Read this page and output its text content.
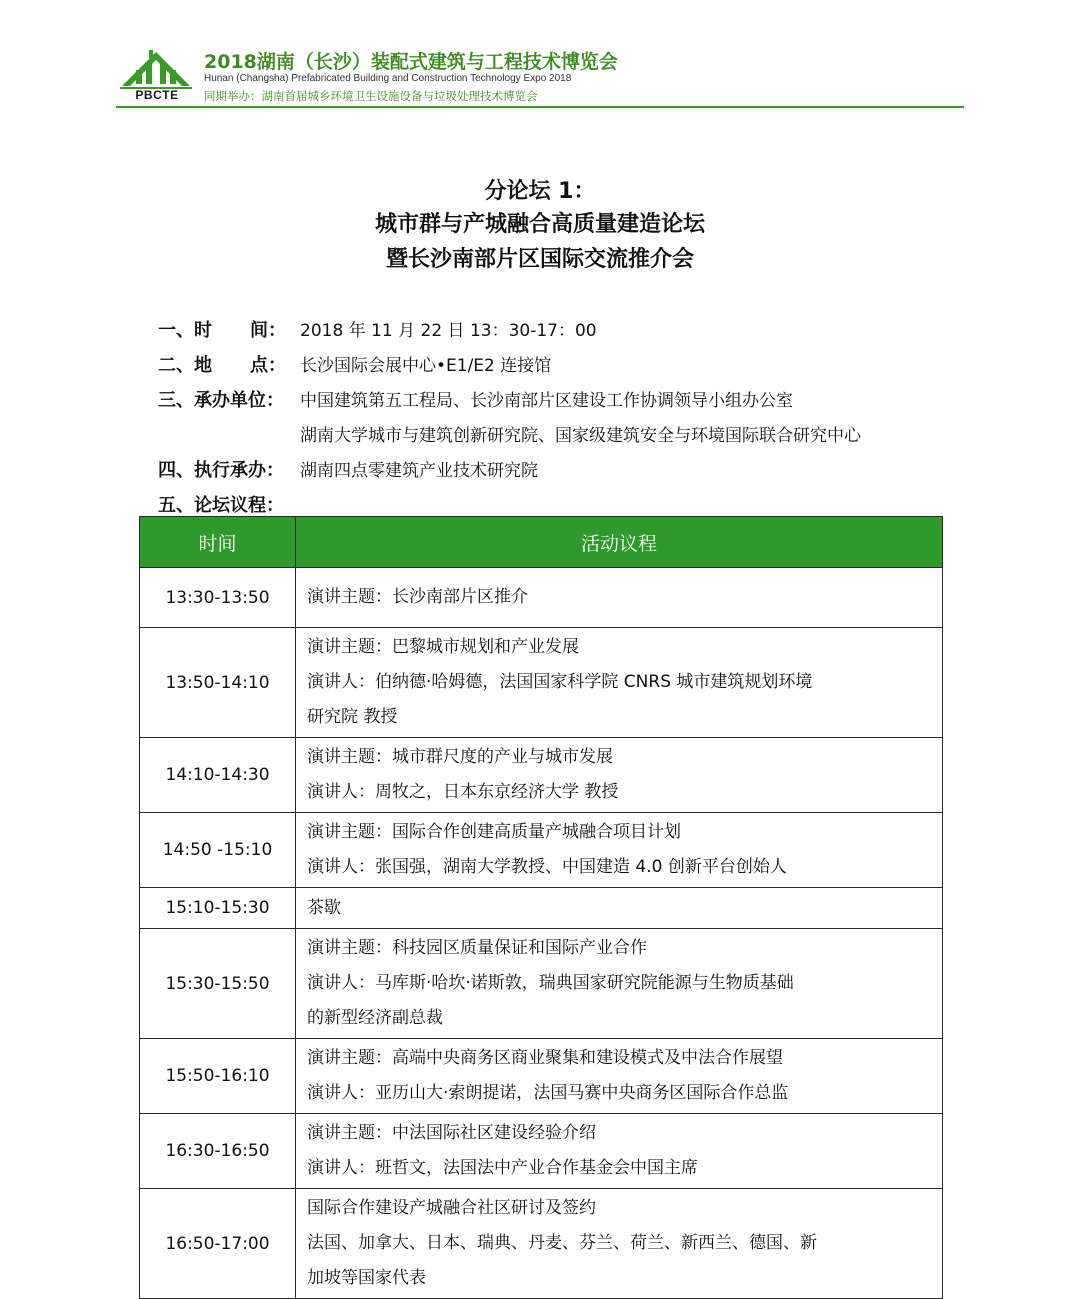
PBCTE
2018湖南（长沙）装配式建筑与工程技术博览会
Hunan (Changsha) Prefabricated Building and Construction Technology Expo 2018
同期举办：湖南首届城乡环境卫生设施设备与垃圾处理技术博览会
分论坛 1：
城市群与产城融合高质量建造论坛
暨长沙南部片区国际交流推介会
一、时 间： 2018 年 11 月 22 日 13：30-17：00
二、地 点： 长沙国际会展中心•E1/E2 连接馆
三、承办单位： 中国建筑第五工程局、长沙南部片区建设工作协调领导小组办公室
湖南大学城市与建筑创新研究院、国家级建筑安全与环境国际联合研究中心
四、执行承办： 湖南四点零建筑产业技术研究院
五、论坛议程：
时间	活动议程
13:30-13:50	演讲主题：长沙南部片区推介

13:50-14:10	演讲主题：巴黎城市规划和产业发展
演讲人：伯纳德·哈姆德，法国国家科学院 CNRS 城市建筑规划环境
研究院 教授

14:10-14:30	演讲主题：城市群尺度的产业与城市发展
演讲人：周牧之，日本东京经济大学 教授

14:50 -15:10	演讲主题：国际合作创建高质量产城融合项目计划
演讲人：张国强，湖南大学教授、中国建造 4.0 创新平台创始人

15:10-15:30	茶歇

15:30-15:50	演讲主题：科技园区质量保证和国际产业合作
演讲人：马库斯·哈坎·诺斯敦，瑞典国家研究院能源与生物质基础
的新型经济副总裁

15:50-16:10	演讲主题：高端中央商务区商业聚集和建设模式及中法合作展望
演讲人：亚历山大·索朗提诺，法国马赛中央商务区国际合作总监

16:30-16:50	演讲主题：中法国际社区建设经验介绍
演讲人：班哲文，法国法中产业合作基金会中国主席

16:50-17:00	国际合作建设产城融合社区研讨及签约
法国、加拿大、日本、瑞典、丹麦、芬兰、荷兰、新西兰、德国、新
加坡等国家代表
